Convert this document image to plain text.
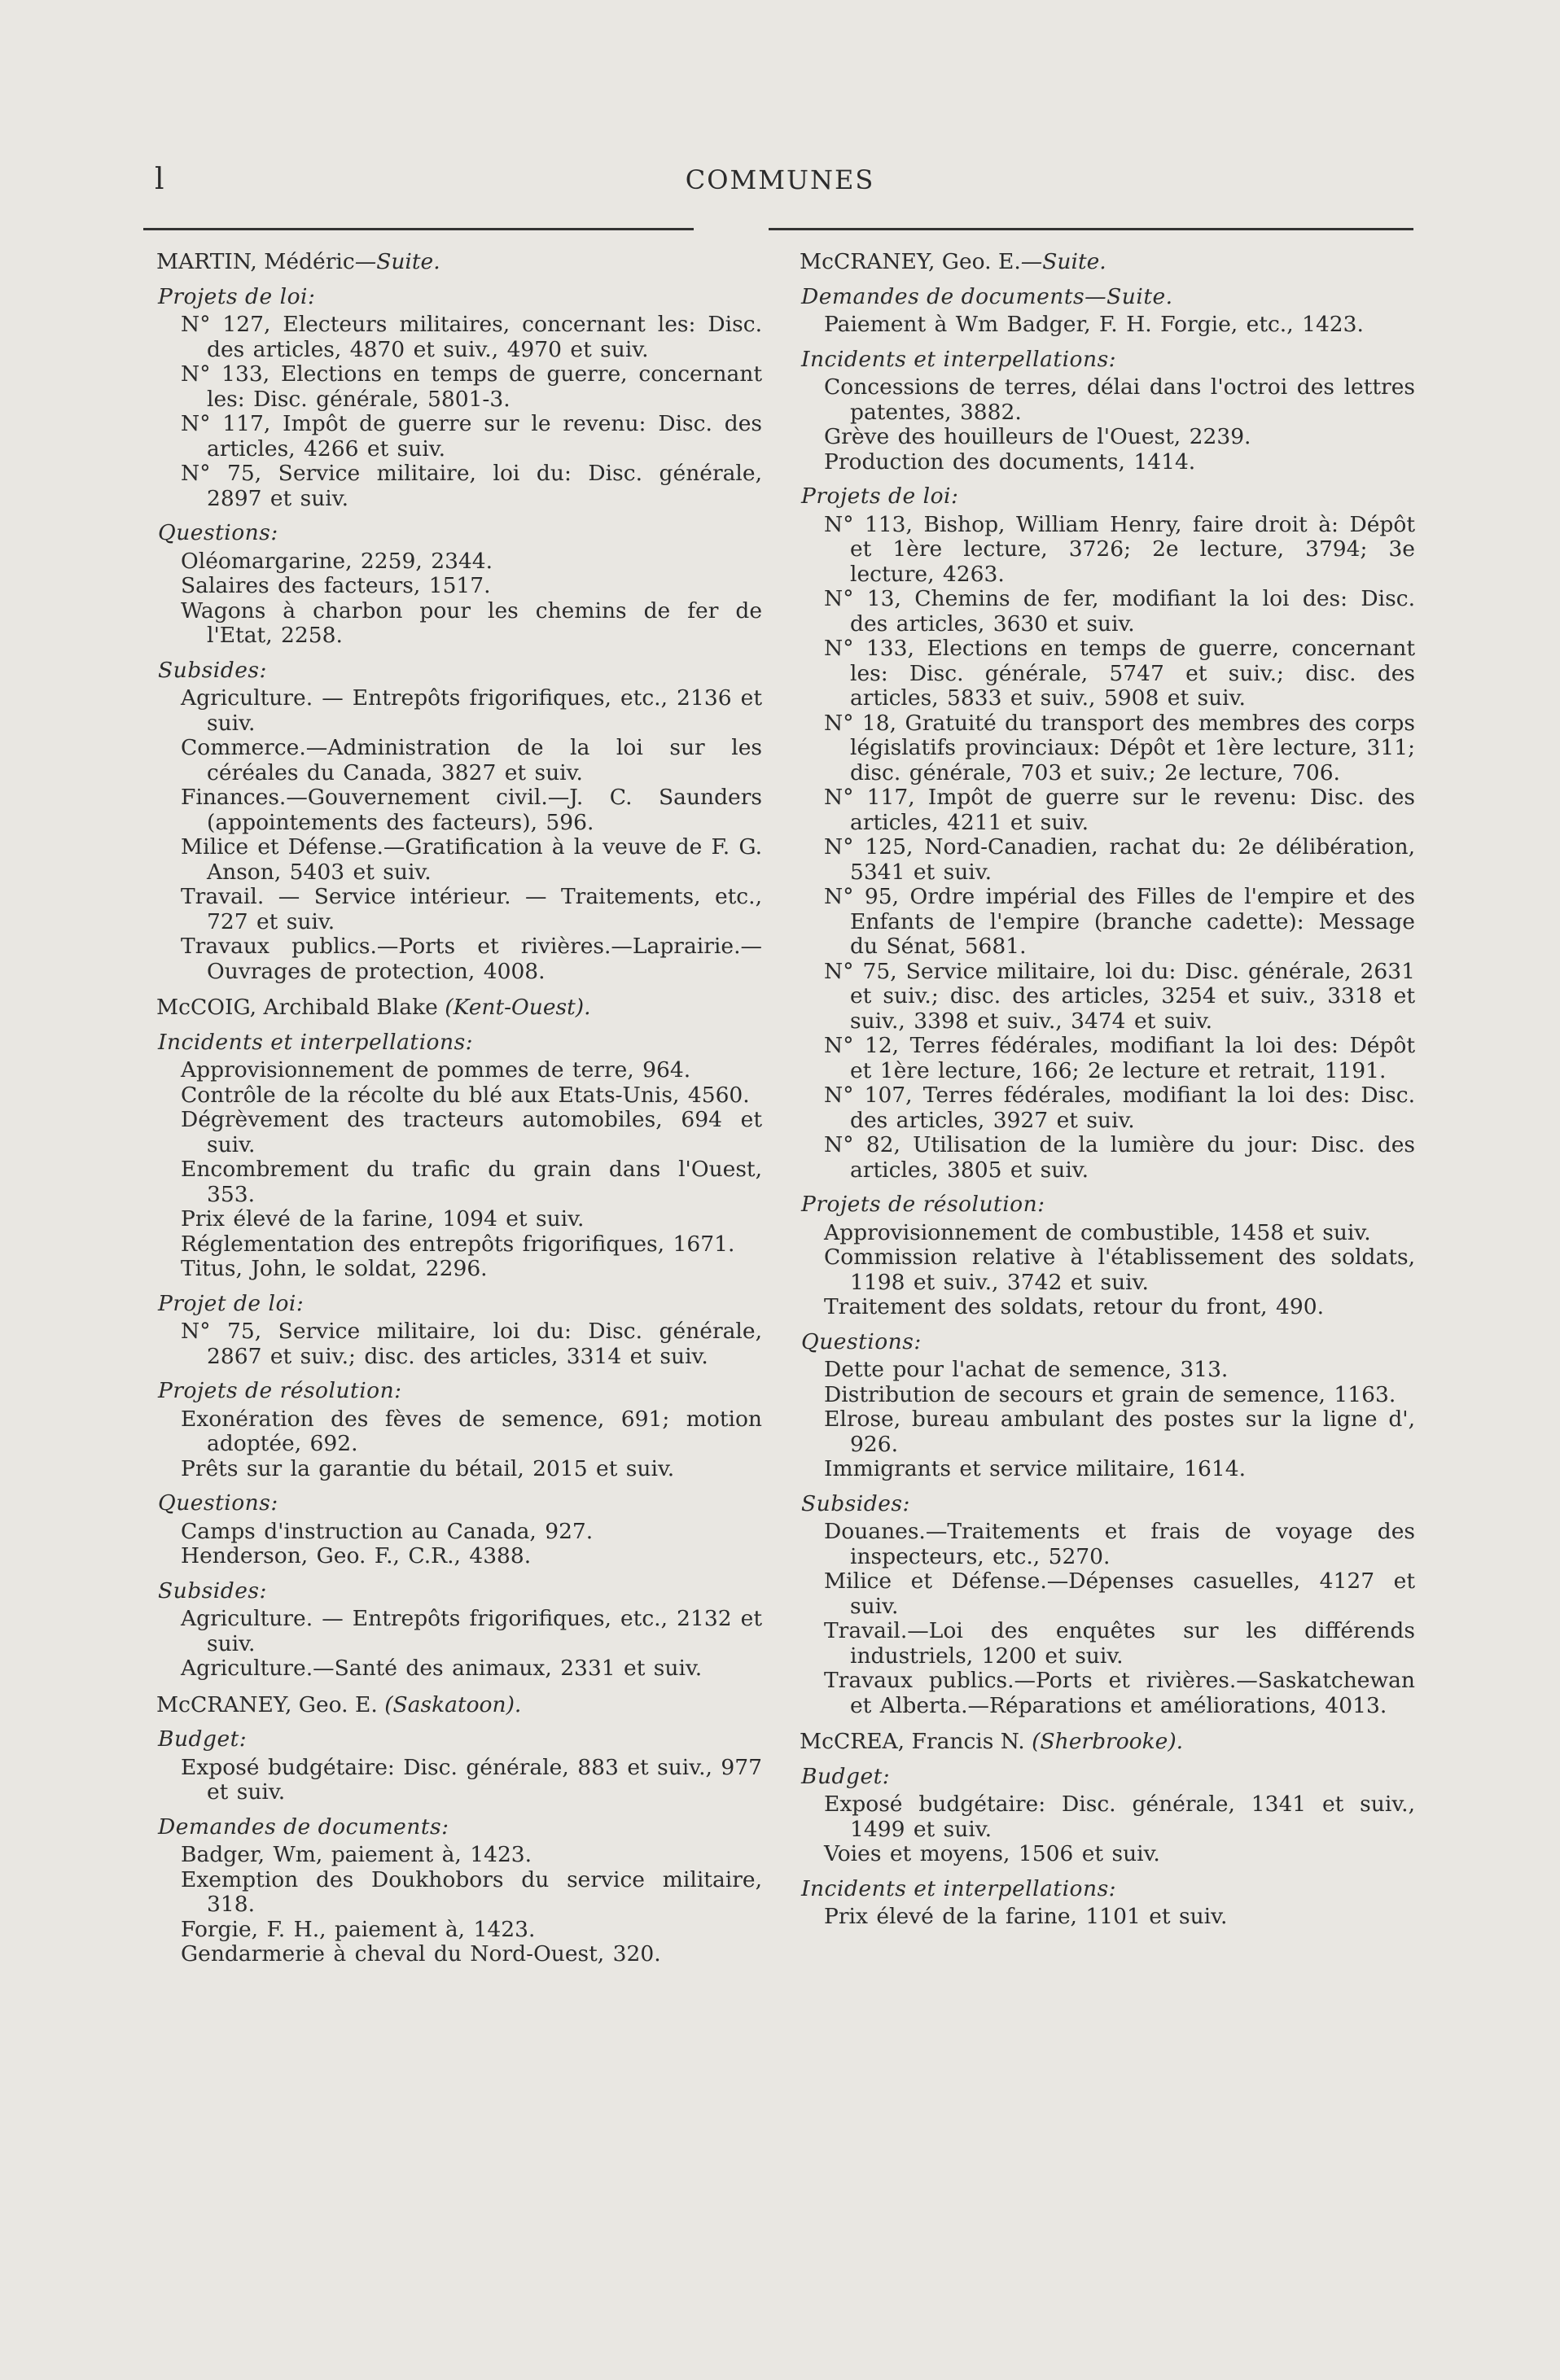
l	COMMUNES
MARTIN, Médéric—Suite.
Projets de loi:
N° 127, Electeurs militaires, concernant les: Disc. des articles, 4870 et suiv., 4970 et suiv.
N° 133, Elections en temps de guerre, concernant les: Disc. générale, 5801-3.
N° 117, Impôt de guerre sur le revenu: Disc. des articles, 4266 et suiv.
N° 75, Service militaire, loi du: Disc. générale, 2897 et suiv.
Questions:
Oléomargarine, 2259, 2344.
Salaires des facteurs, 1517.
Wagons à charbon pour les chemins de fer de l'Etat, 2258.
Subsides:
Agriculture. — Entrepôts frigorifiques, etc., 2136 et suiv.
Commerce.—Administration de la loi sur les céréales du Canada, 3827 et suiv.
Finances.—Gouvernement civil.—J. C. Saunders (appointements des facteurs), 596.
Milice et Défense.—Gratification à la veuve de F. G. Anson, 5403 et suiv.
Travail. — Service intérieur. — Traitements, etc., 727 et suiv.
Travaux publics.—Ports et rivières.—Laprairie.—Ouvrages de protection, 4008.
McCOIG, Archibald Blake (Kent-Ouest).
Incidents et interpellations:
Approvisionnement de pommes de terre, 964.
Contrôle de la récolte du blé aux Etats-Unis, 4560.
Dégrèvement des tracteurs automobiles, 694 et suiv.
Encombrement du trafic du grain dans l'Ouest, 353.
Prix élevé de la farine, 1094 et suiv.
Réglementation des entrepôts frigorifiques, 1671.
Titus, John, le soldat, 2296.
Projet de loi:
N° 75, Service militaire, loi du: Disc. générale, 2867 et suiv.; disc. des articles, 3314 et suiv.
Projets de résolution:
Exonération des fèves de semence, 691; motion adoptée, 692.
Prêts sur la garantie du bétail, 2015 et suiv.
Questions:
Camps d'instruction au Canada, 927.
Henderson, Geo. F., C.R., 4388.
Subsides:
Agriculture. — Entrepôts frigorifiques, etc., 2132 et suiv.
Agriculture.—Santé des animaux, 2331 et suiv.
McCRANEY, Geo. E. (Saskatoon).
Budget:
Exposé budgétaire: Disc. générale, 883 et suiv., 977 et suiv.
Demandes de documents:
Badger, Wm, paiement à, 1423.
Exemption des Doukhobors du service militaire, 318.
Forgie, F. H., paiement à, 1423.
Gendarmerie à cheval du Nord-Ouest, 320.
McCRANEY, Geo. E.—Suite.
Demandes de documents—Suite.
Paiement à Wm Badger, F. H. Forgie, etc., 1423.
Incidents et interpellations:
Concessions de terres, délai dans l'octroi des lettres patentes, 3882.
Grève des houilleurs de l'Ouest, 2239.
Production des documents, 1414.
Projets de loi:
N° 113, Bishop, William Henry, faire droit à: Dépôt et 1ère lecture, 3726; 2e lecture, 3794; 3e lecture, 4263.
N° 13, Chemins de fer, modifiant la loi des: Disc. des articles, 3630 et suiv.
N° 133, Elections en temps de guerre, concernant les: Disc. générale, 5747 et suiv.; disc. des articles, 5833 et suiv., 5908 et suiv.
N° 18, Gratuité du transport des membres des corps législatifs provinciaux: Dépôt et 1ère lecture, 311; disc. générale, 703 et suiv.; 2e lecture, 706.
N° 117, Impôt de guerre sur le revenu: Disc. des articles, 4211 et suiv.
N° 125, Nord-Canadien, rachat du: 2e délibération, 5341 et suiv.
N° 95, Ordre impérial des Filles de l'empire et des Enfants de l'empire (branche cadette): Message du Sénat, 5681.
N° 75, Service militaire, loi du: Disc. générale, 2631 et suiv.; disc. des articles, 3254 et suiv., 3318 et suiv., 3398 et suiv., 3474 et suiv.
N° 12, Terres fédérales, modifiant la loi des: Dépôt et 1ère lecture, 166; 2e lecture et retrait, 1191.
N° 107, Terres fédérales, modifiant la loi des: Disc. des articles, 3927 et suiv.
N° 82, Utilisation de la lumière du jour: Disc. des articles, 3805 et suiv.
Projets de résolution:
Approvisionnement de combustible, 1458 et suiv.
Commission relative à l'établissement des soldats, 1198 et suiv., 3742 et suiv.
Traitement des soldats, retour du front, 490.
Questions:
Dette pour l'achat de semence, 313.
Distribution de secours et grain de semence, 1163.
Elrose, bureau ambulant des postes sur la ligne d', 926.
Immigrants et service militaire, 1614.
Subsides:
Douanes.—Traitements et frais de voyage des inspecteurs, etc., 5270.
Milice et Défense.—Dépenses casuelles, 4127 et suiv.
Travail.—Loi des enquêtes sur les différends industriels, 1200 et suiv.
Travaux publics.—Ports et rivières.—Saskatchewan et Alberta.—Réparations et améliorations, 4013.
McCREA, Francis N. (Sherbrooke).
Budget:
Exposé budgétaire: Disc. générale, 1341 et suiv., 1499 et suiv.
Voies et moyens, 1506 et suiv.
Incidents et interpellations:
Prix élevé de la farine, 1101 et suiv.
